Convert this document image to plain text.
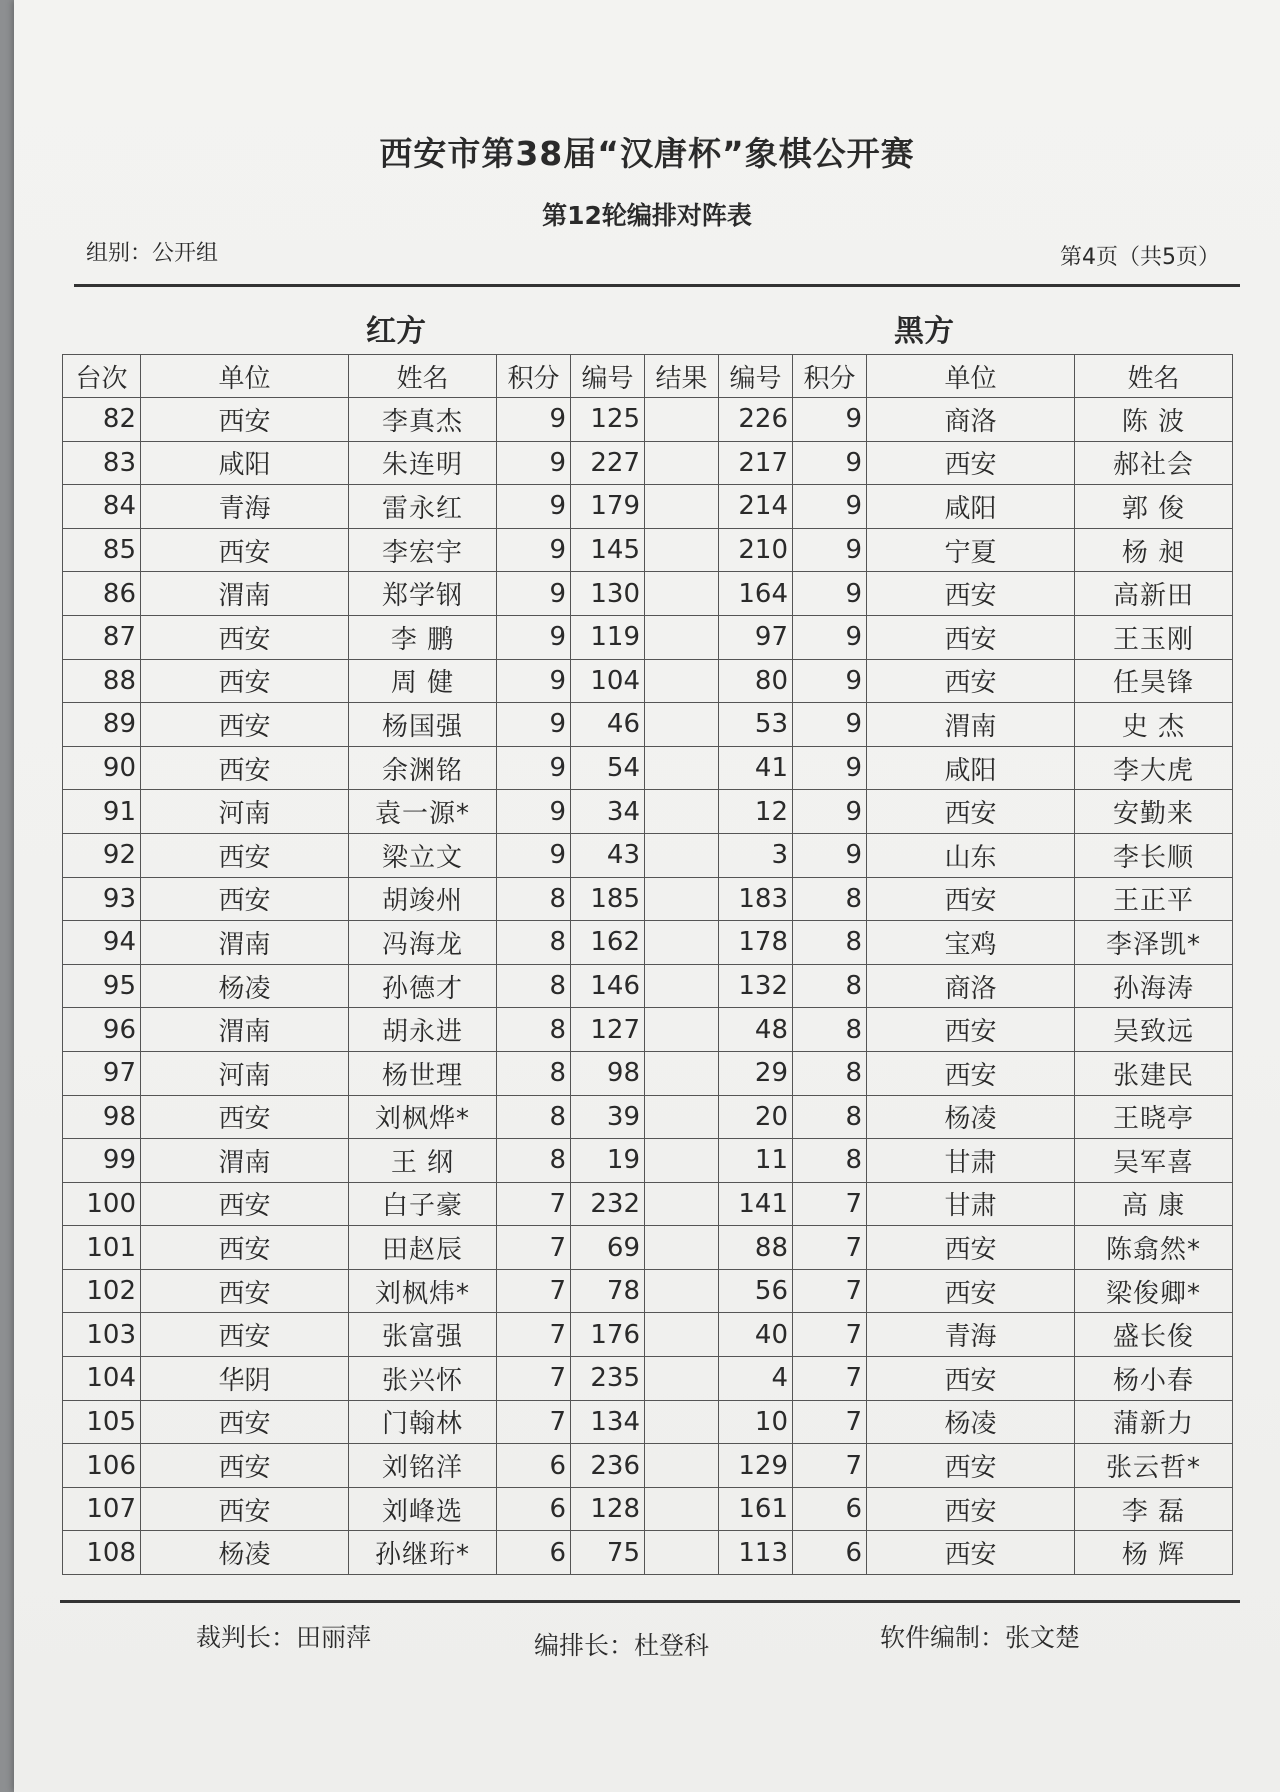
西安市第38届“汉唐杯”象棋公开赛
第12轮编排对阵表
组别：公开组	第4页（共5页）
红方	黑方
台次	单位	姓名	积分	编号	结果	编号	积分	单位	姓名
82	西安	李真杰	9	125		226	9	商洛	陈 波
83	咸阳	朱连明	9	227		217	9	西安	郝社会
84	青海	雷永红	9	179		214	9	咸阳	郭 俊
85	西安	李宏宇	9	145		210	9	宁夏	杨 昶
86	渭南	郑学钢	9	130		164	9	西安	高新田
87	西安	李 鹏	9	119		97	9	西安	王玉刚
88	西安	周 健	9	104		80	9	西安	任昊锋
89	西安	杨国强	9	46		53	9	渭南	史 杰
90	西安	余渊铭	9	54		41	9	咸阳	李大虎
91	河南	袁一源*	9	34		12	9	西安	安勤来
92	西安	梁立文	9	43		3	9	山东	李长顺
93	西安	胡竣州	8	185		183	8	西安	王正平
94	渭南	冯海龙	8	162		178	8	宝鸡	李泽凯*
95	杨凌	孙德才	8	146		132	8	商洛	孙海涛
96	渭南	胡永进	8	127		48	8	西安	吴致远
97	河南	杨世理	8	98		29	8	西安	张建民
98	西安	刘枫烨*	8	39		20	8	杨凌	王晓亭
99	渭南	王 纲	8	19		11	8	甘肃	吴军喜
100	西安	白子豪	7	232		141	7	甘肃	高 康
101	西安	田赵辰	7	69		88	7	西安	陈翕然*
102	西安	刘枫炜*	7	78		56	7	西安	梁俊卿*
103	西安	张富强	7	176		40	7	青海	盛长俊
104	华阴	张兴怀	7	235		4	7	西安	杨小春
105	西安	门翰林	7	134		10	7	杨凌	蒲新力
106	西安	刘铭洋	6	236		129	7	西安	张云哲*
107	西安	刘峰选	6	128		161	6	西安	李 磊
108	杨凌	孙继珩*	6	75		113	6	西安	杨 辉
裁判长：田丽萍	编排长：杜登科	软件编制：张文楚
